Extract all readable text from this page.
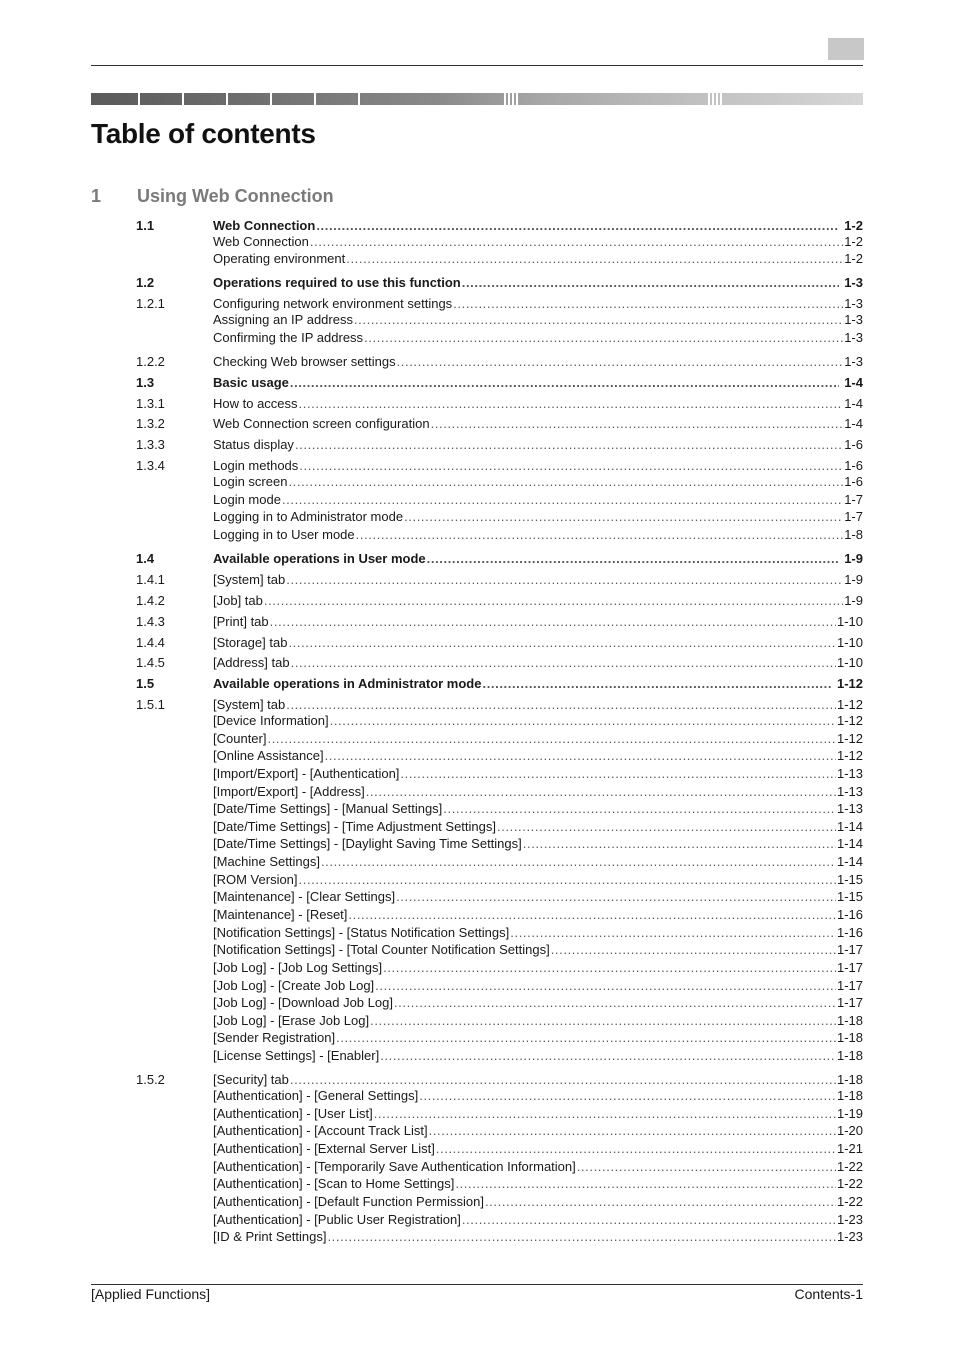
Table of contents
1 Using Web Connection
1.1	Web Connection .....	1-2
Web Connection .....	1-2
Operating environment .....	1-2
1.2	Operations required to use this function .....	1-3
1.2.1	Configuring network environment settings .....	1-3
Assigning an IP address .....	1-3
Confirming the IP address .....	1-3
1.2.2	Checking Web browser settings .....	1-3
1.3	Basic usage .....	1-4
1.3.1	How to access .....	1-4
1.3.2	Web Connection screen configuration .....	1-4
1.3.3	Status display .....	1-6
1.3.4	Login methods .....	1-6
Login screen .....	1-6
Login mode .....	1-7
Logging in to Administrator mode .....	1-7
Logging in to User mode .....	1-8
1.4	Available operations in User mode .....	1-9
1.4.1	[System] tab .....	1-9
1.4.2	[Job] tab .....	1-9
1.4.3	[Print] tab .....	1-10
1.4.4	[Storage] tab .....	1-10
1.4.5	[Address] tab .....	1-10
1.5	Available operations in Administrator mode .....	1-12
1.5.1	[System] tab .....	1-12
[Device Information] .....	1-12
[Counter] .....	1-12
[Online Assistance] .....	1-12
[Import/Export] - [Authentication] .....	1-13
[Import/Export] - [Address] .....	1-13
[Date/Time Settings] - [Manual Settings] .....	1-13
[Date/Time Settings] - [Time Adjustment Settings] .....	1-14
[Date/Time Settings] - [Daylight Saving Time Settings] .....	1-14
[Machine Settings] .....	1-14
[ROM Version] .....	1-15
[Maintenance] - [Clear Settings] .....	1-15
[Maintenance] - [Reset] .....	1-16
[Notification Settings] - [Status Notification Settings] .....	1-16
[Notification Settings] - [Total Counter Notification Settings] .....	1-17
[Job Log] - [Job Log Settings] .....	1-17
[Job Log] - [Create Job Log] .....	1-17
[Job Log] - [Download Job Log] .....	1-17
[Job Log] - [Erase Job Log] .....	1-18
[Sender Registration] .....	1-18
[License Settings] - [Enabler] .....	1-18
1.5.2	[Security] tab .....	1-18
[Authentication] - [General Settings] .....	1-18
[Authentication] - [User List] .....	1-19
[Authentication] - [Account Track List] .....	1-20
[Authentication] - [External Server List] .....	1-21
[Authentication] - [Temporarily Save Authentication Information] .....	1-22
[Authentication] - [Scan to Home Settings] .....	1-22
[Authentication] - [Default Function Permission] .....	1-22
[Authentication] - [Public User Registration] .....	1-23
[ID & Print Settings] .....	1-23
[Applied Functions]	Contents-1
